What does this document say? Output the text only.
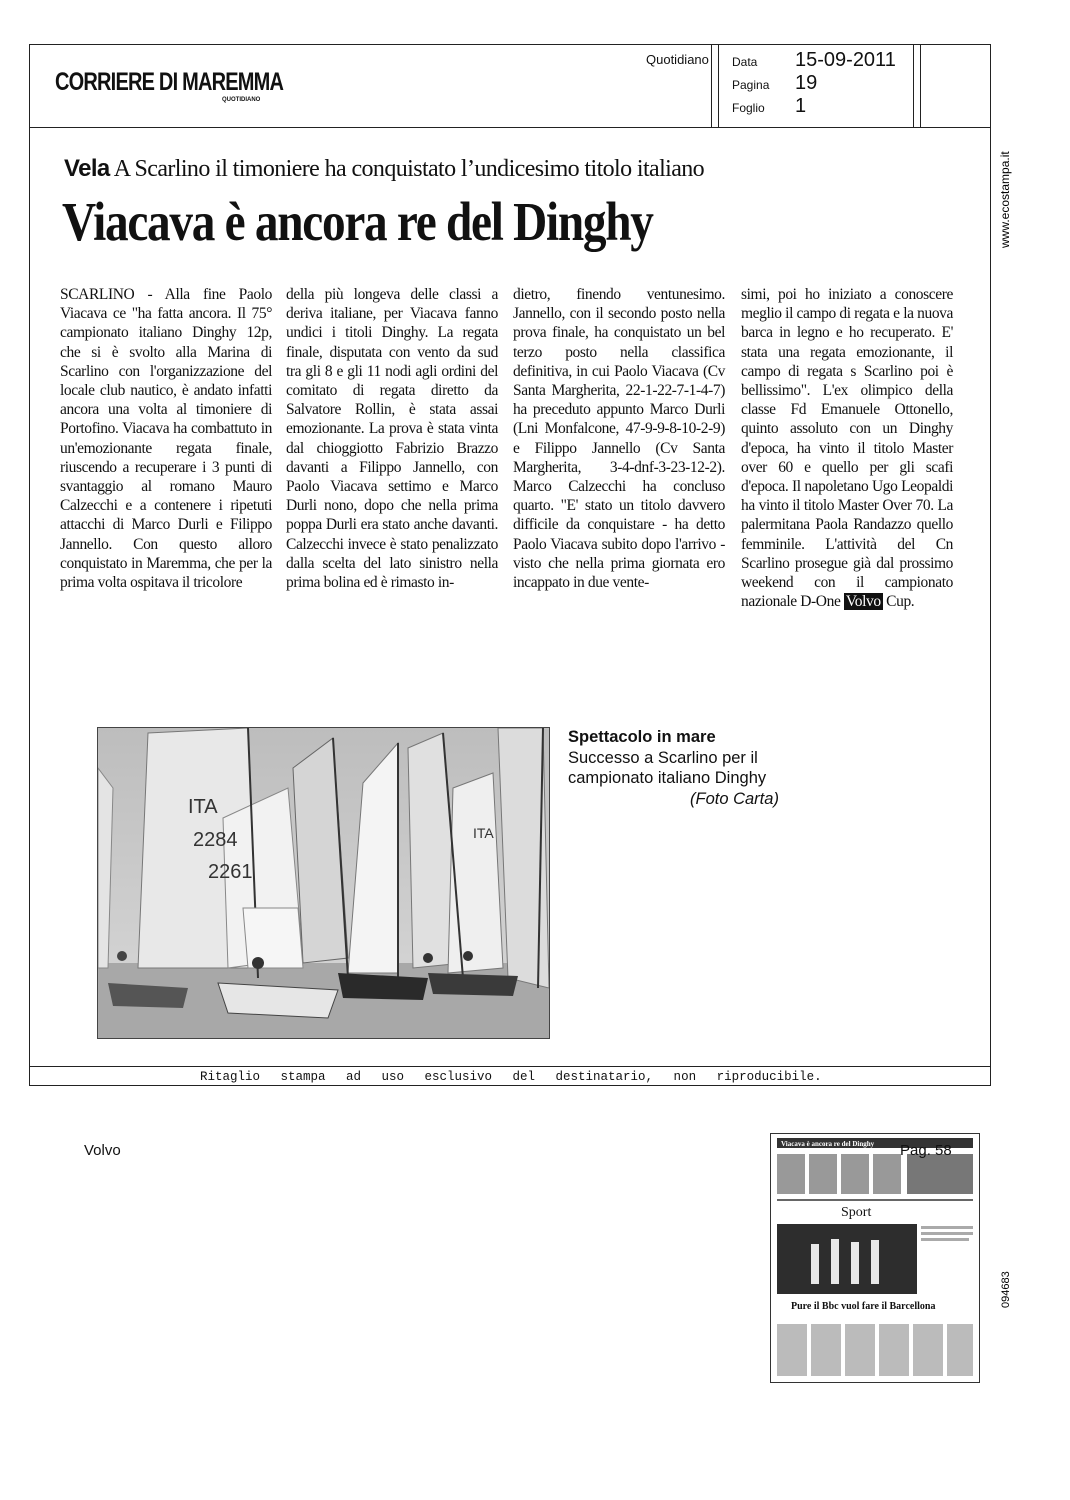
CORRIERE DI MAREMMA
QUOTIDIANO
Quotidiano Data 15-09-2011
Pagina 19
Foglio 1
www.ecostampa.it
094683
Vela A Scarlino il timoniere ha conquistato l’undicesimo titolo italiano
Viacava è ancora re del Dinghy
SCARLINO - Alla fine Paolo Viacava ce "ha fatta ancora. Il 75° campionato italiano Dinghy 12p, che si è svolto alla Marina di Scarlino con l'organizzazione del locale club nautico, è andato infatti ancora una volta al timoniere di Portofino. Viacava ha combattuto in un'emozionante regata finale, riuscendo a recuperare i 3 punti di svantaggio al romano Mauro Calzecchi e a contenere i ripetuti attacchi di Marco Durli e Filippo Jannello. Con questo alloro conquistato in Maremma, che per la prima volta ospitava il tricolore
della più longeva delle classi a deriva italiane, per Viacava fanno undici i titoli Dinghy. La regata finale, disputata con vento da sud tra gli 8 e gli 11 nodi agli ordini del comitato di regata diretto da Salvatore Rollin, è stata assai emozionante. La prova è stata vinta dal chioggiotto Fabrizio Brazzo davanti a Filippo Jannello, con Paolo Viacava settimo e Marco Durli nono, dopo che nella prima poppa Durli era stato anche davanti. Calzecchi invece è stato penalizzato dalla scelta del lato sinistro nella prima bolina ed è rimasto in-
dietro, finendo ventunesimo. Jannello, con il secondo posto nella prova finale, ha conquistato un bel terzo posto nella classifica definitiva, in cui Paolo Viacava (Cv Santa Margherita, 22-1-22-7-1-4-7) ha preceduto appunto Marco Durli (Lni Monfalcone, 47-9-9-8-10-2-9) e Filippo Jannello (Cv Santa Margherita, 3-4-dnf-3-23-12-2). Marco Calzecchi ha concluso quarto. "E' stato un titolo davvero difficile da conquistare - ha detto Paolo Viacava subito dopo l'arrivo - visto che nella prima giornata ero incappato in due vente-
simi, poi ho iniziato a conoscere meglio il campo di regata e la nuova barca in legno e ho recuperato. E' stata una regata emozionante, il campo di regata s Scarlino poi è bellissimo". L'ex olimpico della classe Fd Emanuele Ottonello, quinto assoluto con un Dinghy d'epoca, ha vinto il titolo Master over 60 e quello per gli scafi d'epoca. Il napoletano Ugo Leopaldi ha vinto il titolo Master Over 70. La palermitana Paola Randazzo quello femminile. L'attività del Cn Scarlino prosegue già dal prossimo weekend con il campionato nazionale D-One Volvo Cup.
ITA
2284
2261
ITA
Spettacolo in mare
Successo a Scarlino per il campionato italiano Dinghy
(Foto Carta)
Viacava è ancora re del Dinghy
Sport
Pure il Bbc vuol fare il Barcellona
Ritaglio stampa ad uso esclusivo del destinatario, non riproducibile.
Volvo	Pag. 58
